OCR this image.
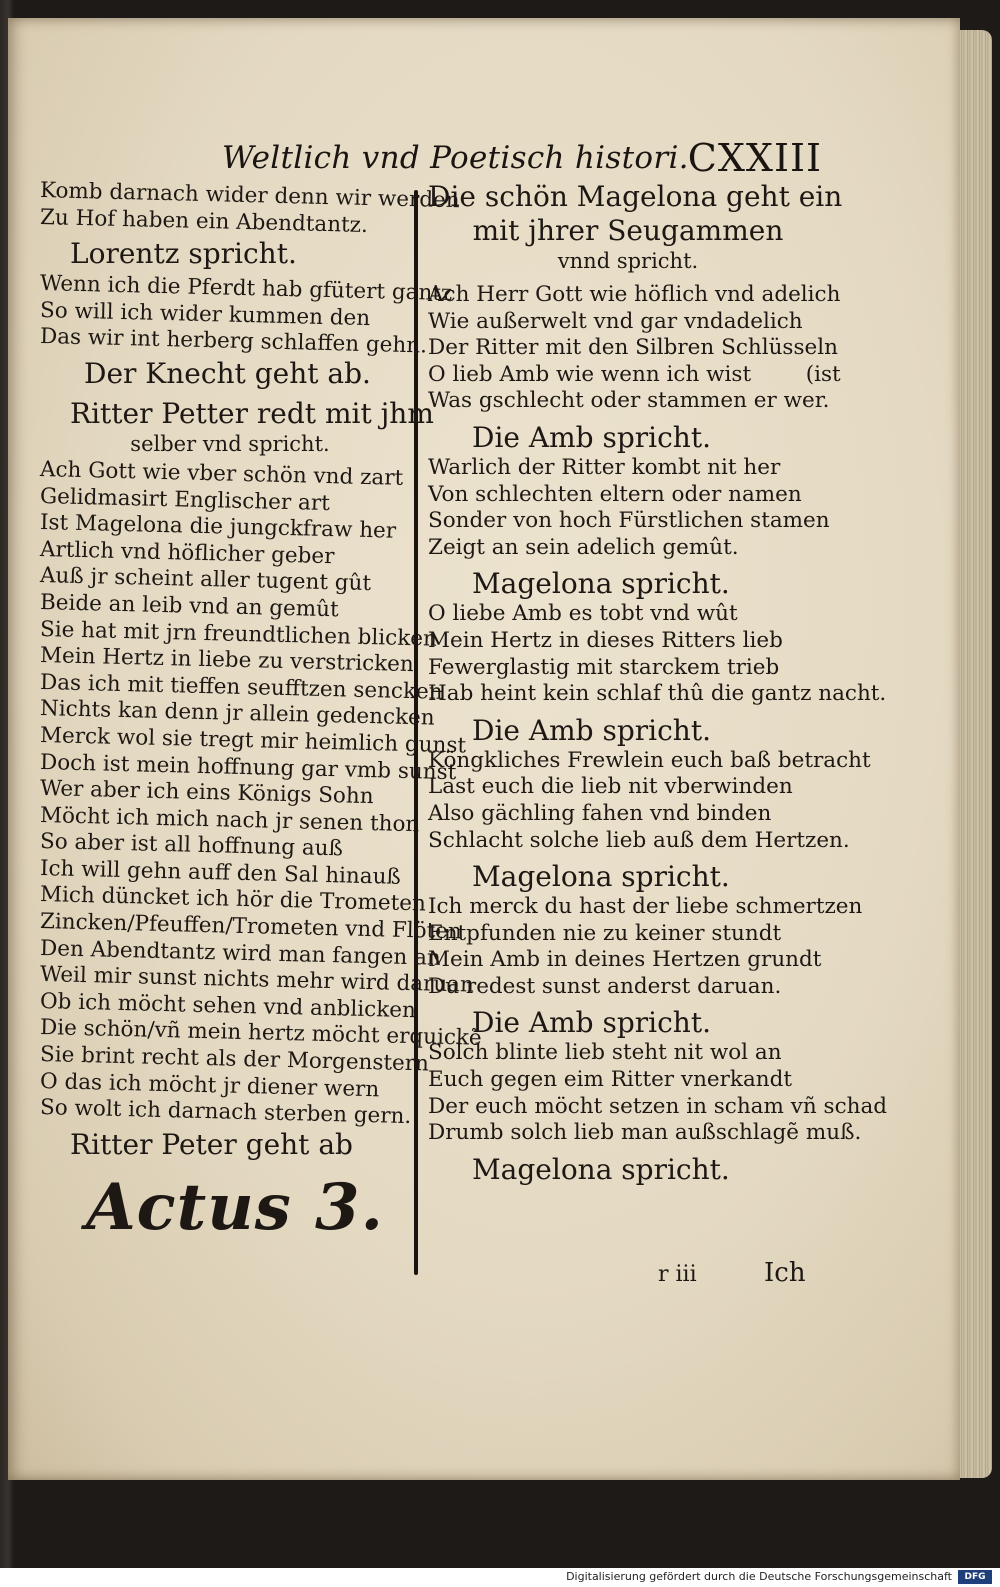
Weltlich vnd Poetisch histori.
CXXIII
Komb darnach wider denn wir werden
Zu Hof haben ein Abendtantz.
Lorentz spricht.
Wenn ich die Pferdt hab gfütert gantz
So will ich wider kummen den
Das wir int herberg schlaffen gehn.
Der Knecht geht ab.
Ritter Petter redt mit jhm
selber vnd spricht.
Ach Gott wie vber schön vnd zart
Gelidmasirt Englischer art
Ist Magelona die jungckfraw her
Artlich vnd höflicher geber
Auß jr scheint aller tugent gût
Beide an leib vnd an gemût
Sie hat mit jrn freundtlichen blicken
Mein Hertz in liebe zu verstricken
Das ich mit tieffen seufftzen sencken
Nichts kan denn jr allein gedencken
Merck wol sie tregt mir heimlich gunst
Doch ist mein hoffnung gar vmb sunst
Wer aber ich eins Königs Sohn
Möcht ich mich nach jr senen thon
So aber ist all hoffnung auß
Ich will gehn auff den Sal hinauß
Mich düncket ich hör die Trometen
Zincken/Pfeuffen/Trometen vnd Flöten
Den Abendtantz wird man fangen an
Weil mir sunst nichts mehr wird daruan
Ob ich möcht sehen vnd anblicken
Die schön/vñ mein hertz möcht erquickẽ
Sie brint recht als der Morgenstern
O das ich möcht jr diener wern
So wolt ich darnach sterben gern.
Ritter Peter geht ab
Actus 3.
Die schön Magelona geht ein
mit jhrer Seugammen
vnnd spricht.
Ach Herr Gott wie höflich vnd adelich
Wie außerwelt vnd gar vndadelich
Der Ritter mit den Silbren Schlüsseln
O lieb Amb wie wenn ich wist        (ist
Was gschlecht oder stammen er wer.
Die Amb spricht.
Warlich der Ritter kombt nit her
Von schlechten eltern oder namen
Sonder von hoch Fürstlichen stamen
Zeigt an sein adelich gemût.
Magelona spricht.
O liebe Amb es tobt vnd wût
Mein Hertz in dieses Ritters lieb
Fewerglastig mit starckem trieb
Hab heint kein schlaf thû die gantz nacht.
Die Amb spricht.
Köngkliches Frewlein euch baß betracht
Last euch die lieb nit vberwinden
Also gächling fahen vnd binden
Schlacht solche lieb auß dem Hertzen.
Magelona spricht.
Ich merck du hast der liebe schmertzen
Entpfunden nie zu keiner stundt
Mein Amb in deines Hertzen grundt
Du redest sunst anderst daruan.
Die Amb spricht.
Solch blinte lieb steht nit wol an
Euch gegen eim Ritter vnerkandt
Der euch möcht setzen in scham vñ schad
Drumb solch lieb man außschlagẽ muß.
Magelona spricht.
r iii	Ich
Digitalisierung gefördert durch die Deutsche Forschungsgemeinschaft	DFG
